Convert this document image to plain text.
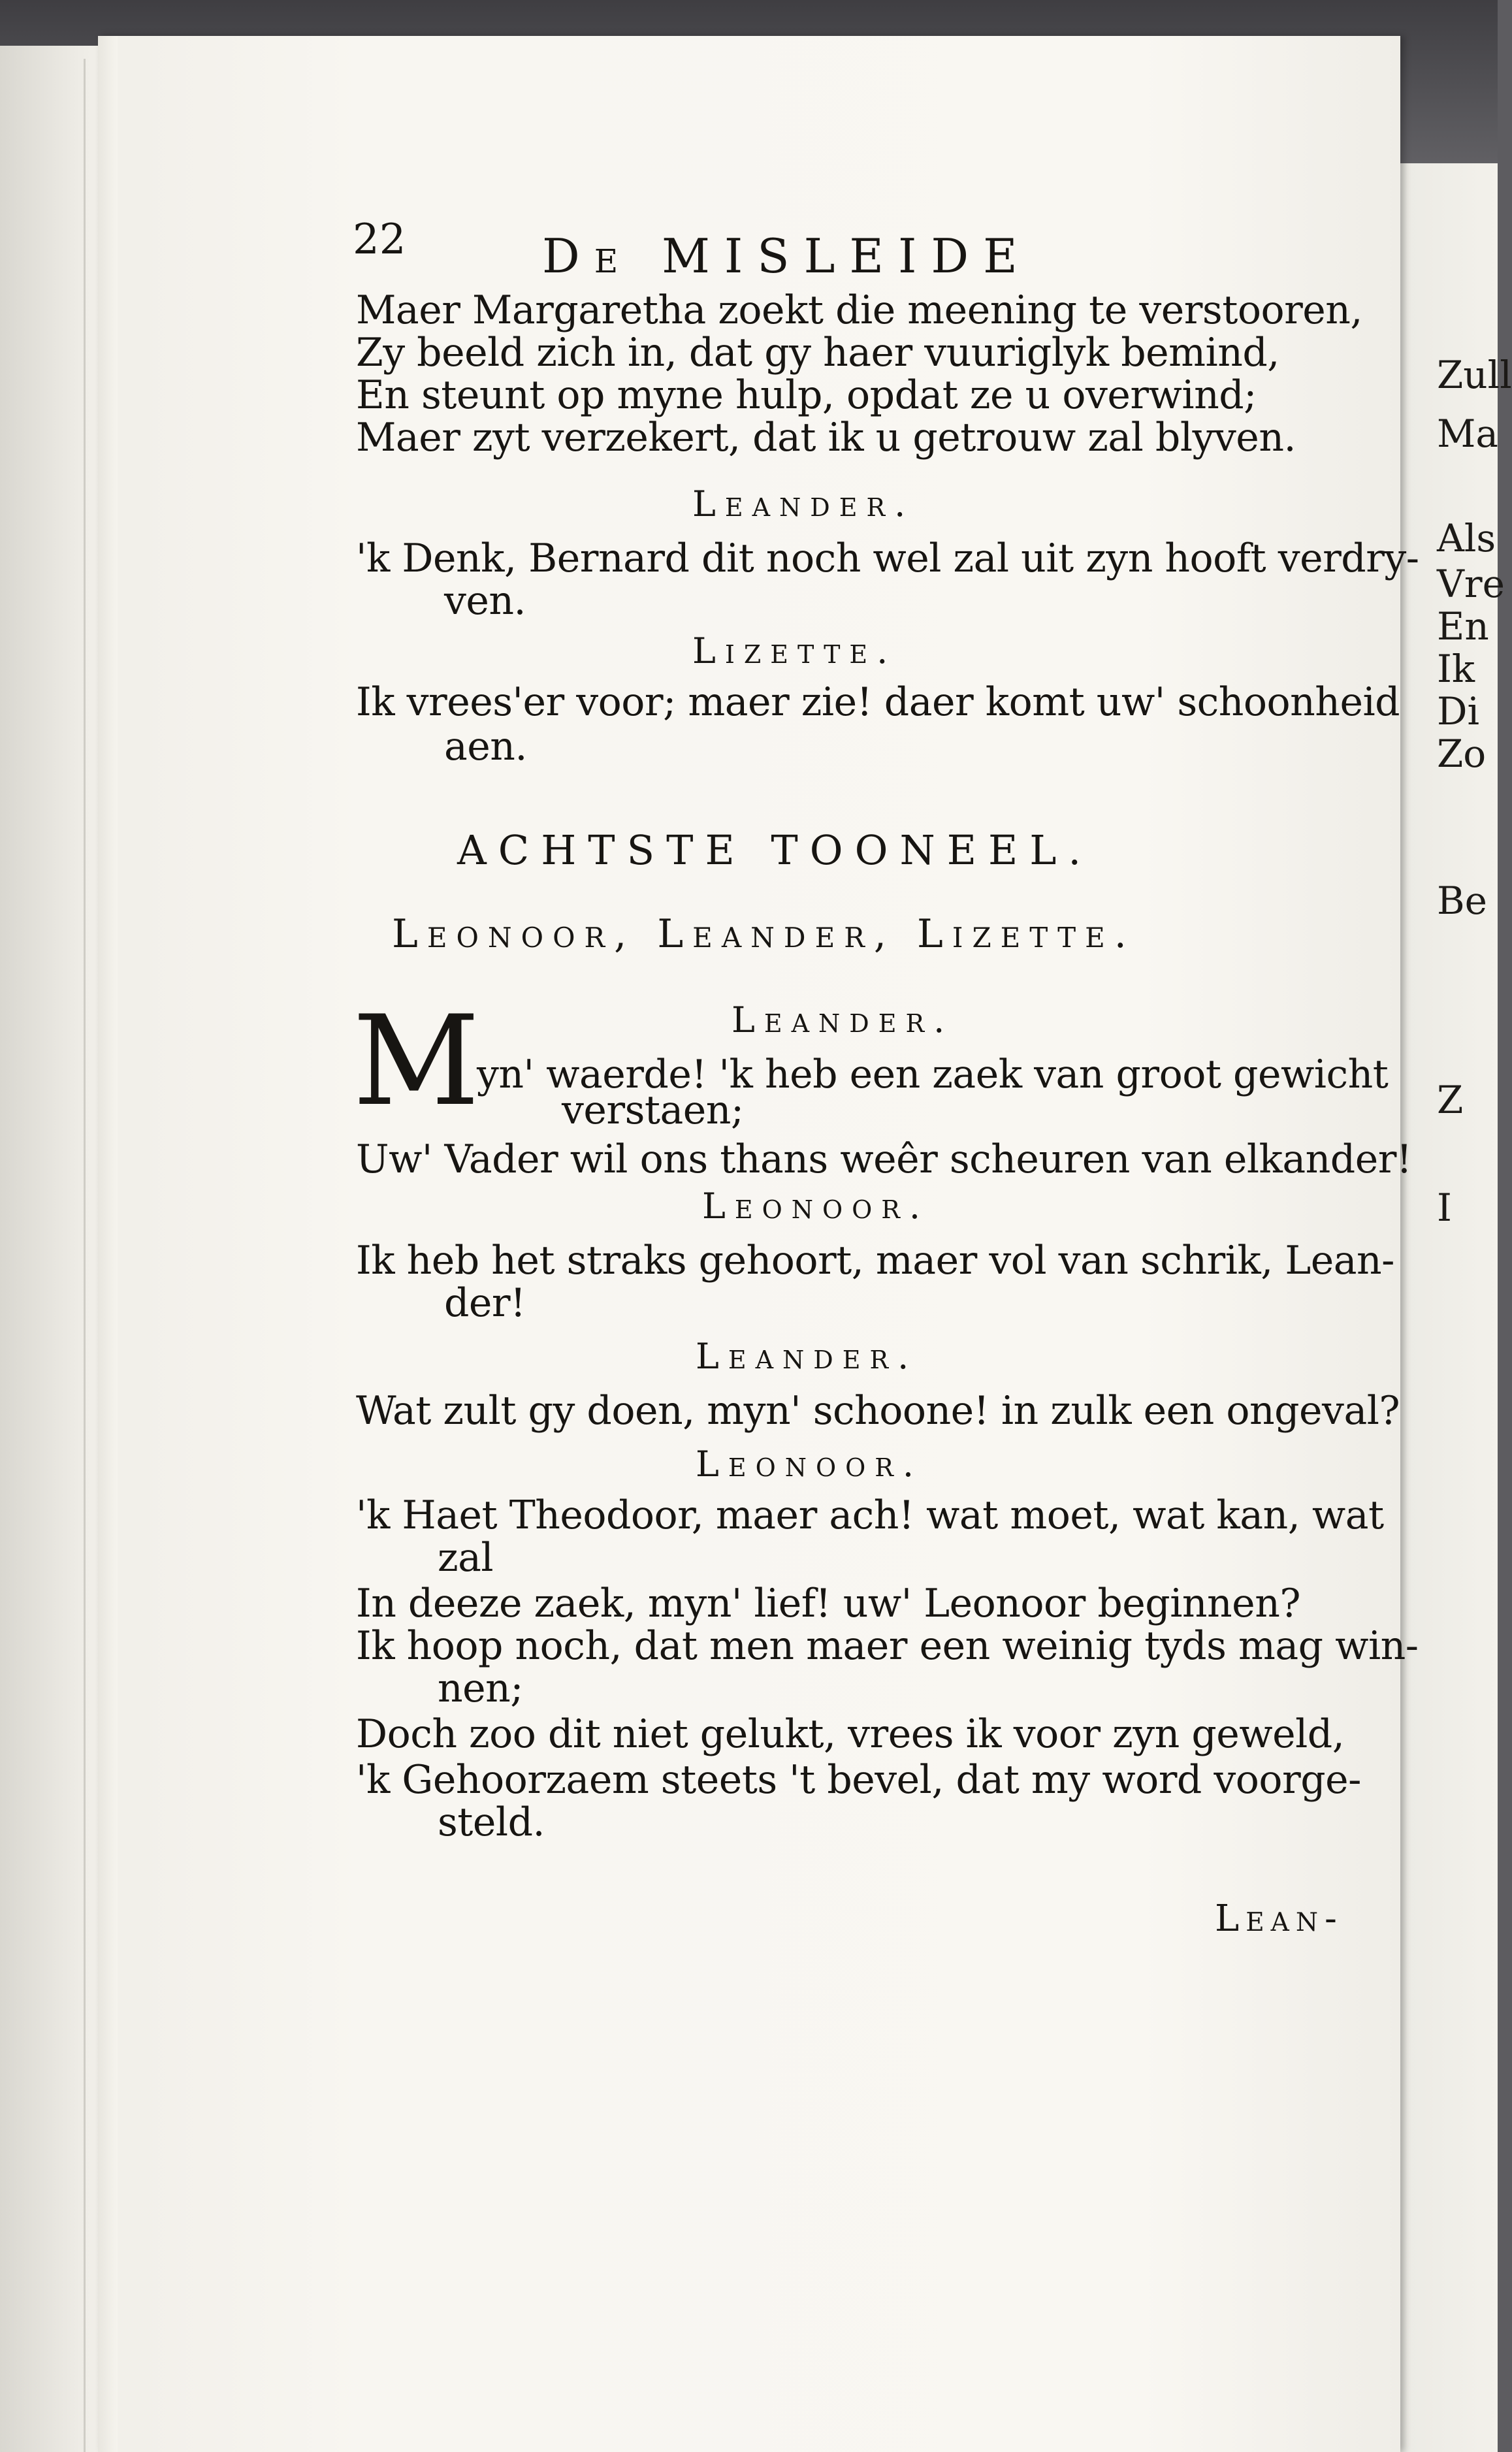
Zull
Ma
Als
Vre
En
Ik
Di
Zo
Be
Z
I
22	De MISLEIDE
Maer Margaretha zoekt die meening te verstooren,
Zy beeld zich in, dat gy haer vuuriglyk bemind,
En steunt op myne hulp, opdat ze u overwind;
Maer zyt verzekert, dat ik u getrouw zal blyven.
Leander.
'k Denk, Bernard dit noch wel zal uit zyn hooft verdry-
ven.
Lizette.
Ik vrees'er voor; maer zie! daer komt uw' schoonheid
aen.
ACHTSTE TOONEEL.
Leonoor, Leander, Lizette.
Leander.
M
yn' waerde! 'k heb een zaek van groot gewicht
verstaen;
Uw' Vader wil ons thans weêr scheuren van elkander!
Leonoor.
Ik heb het straks gehoort, maer vol van schrik, Lean-
der!
Leander.
Wat zult gy doen, myn' schoone! in zulk een ongeval?
Leonoor.
'k Haet Theodoor, maer ach! wat moet, wat kan, wat
zal
In deeze zaek, myn' lief! uw' Leonoor beginnen?
Ik hoop noch, dat men maer een weinig tyds mag win-
nen;
Doch zoo dit niet gelukt, vrees ik voor zyn geweld,
'k Gehoorzaem steets 't bevel, dat my word voorge-
steld.
Lean-
